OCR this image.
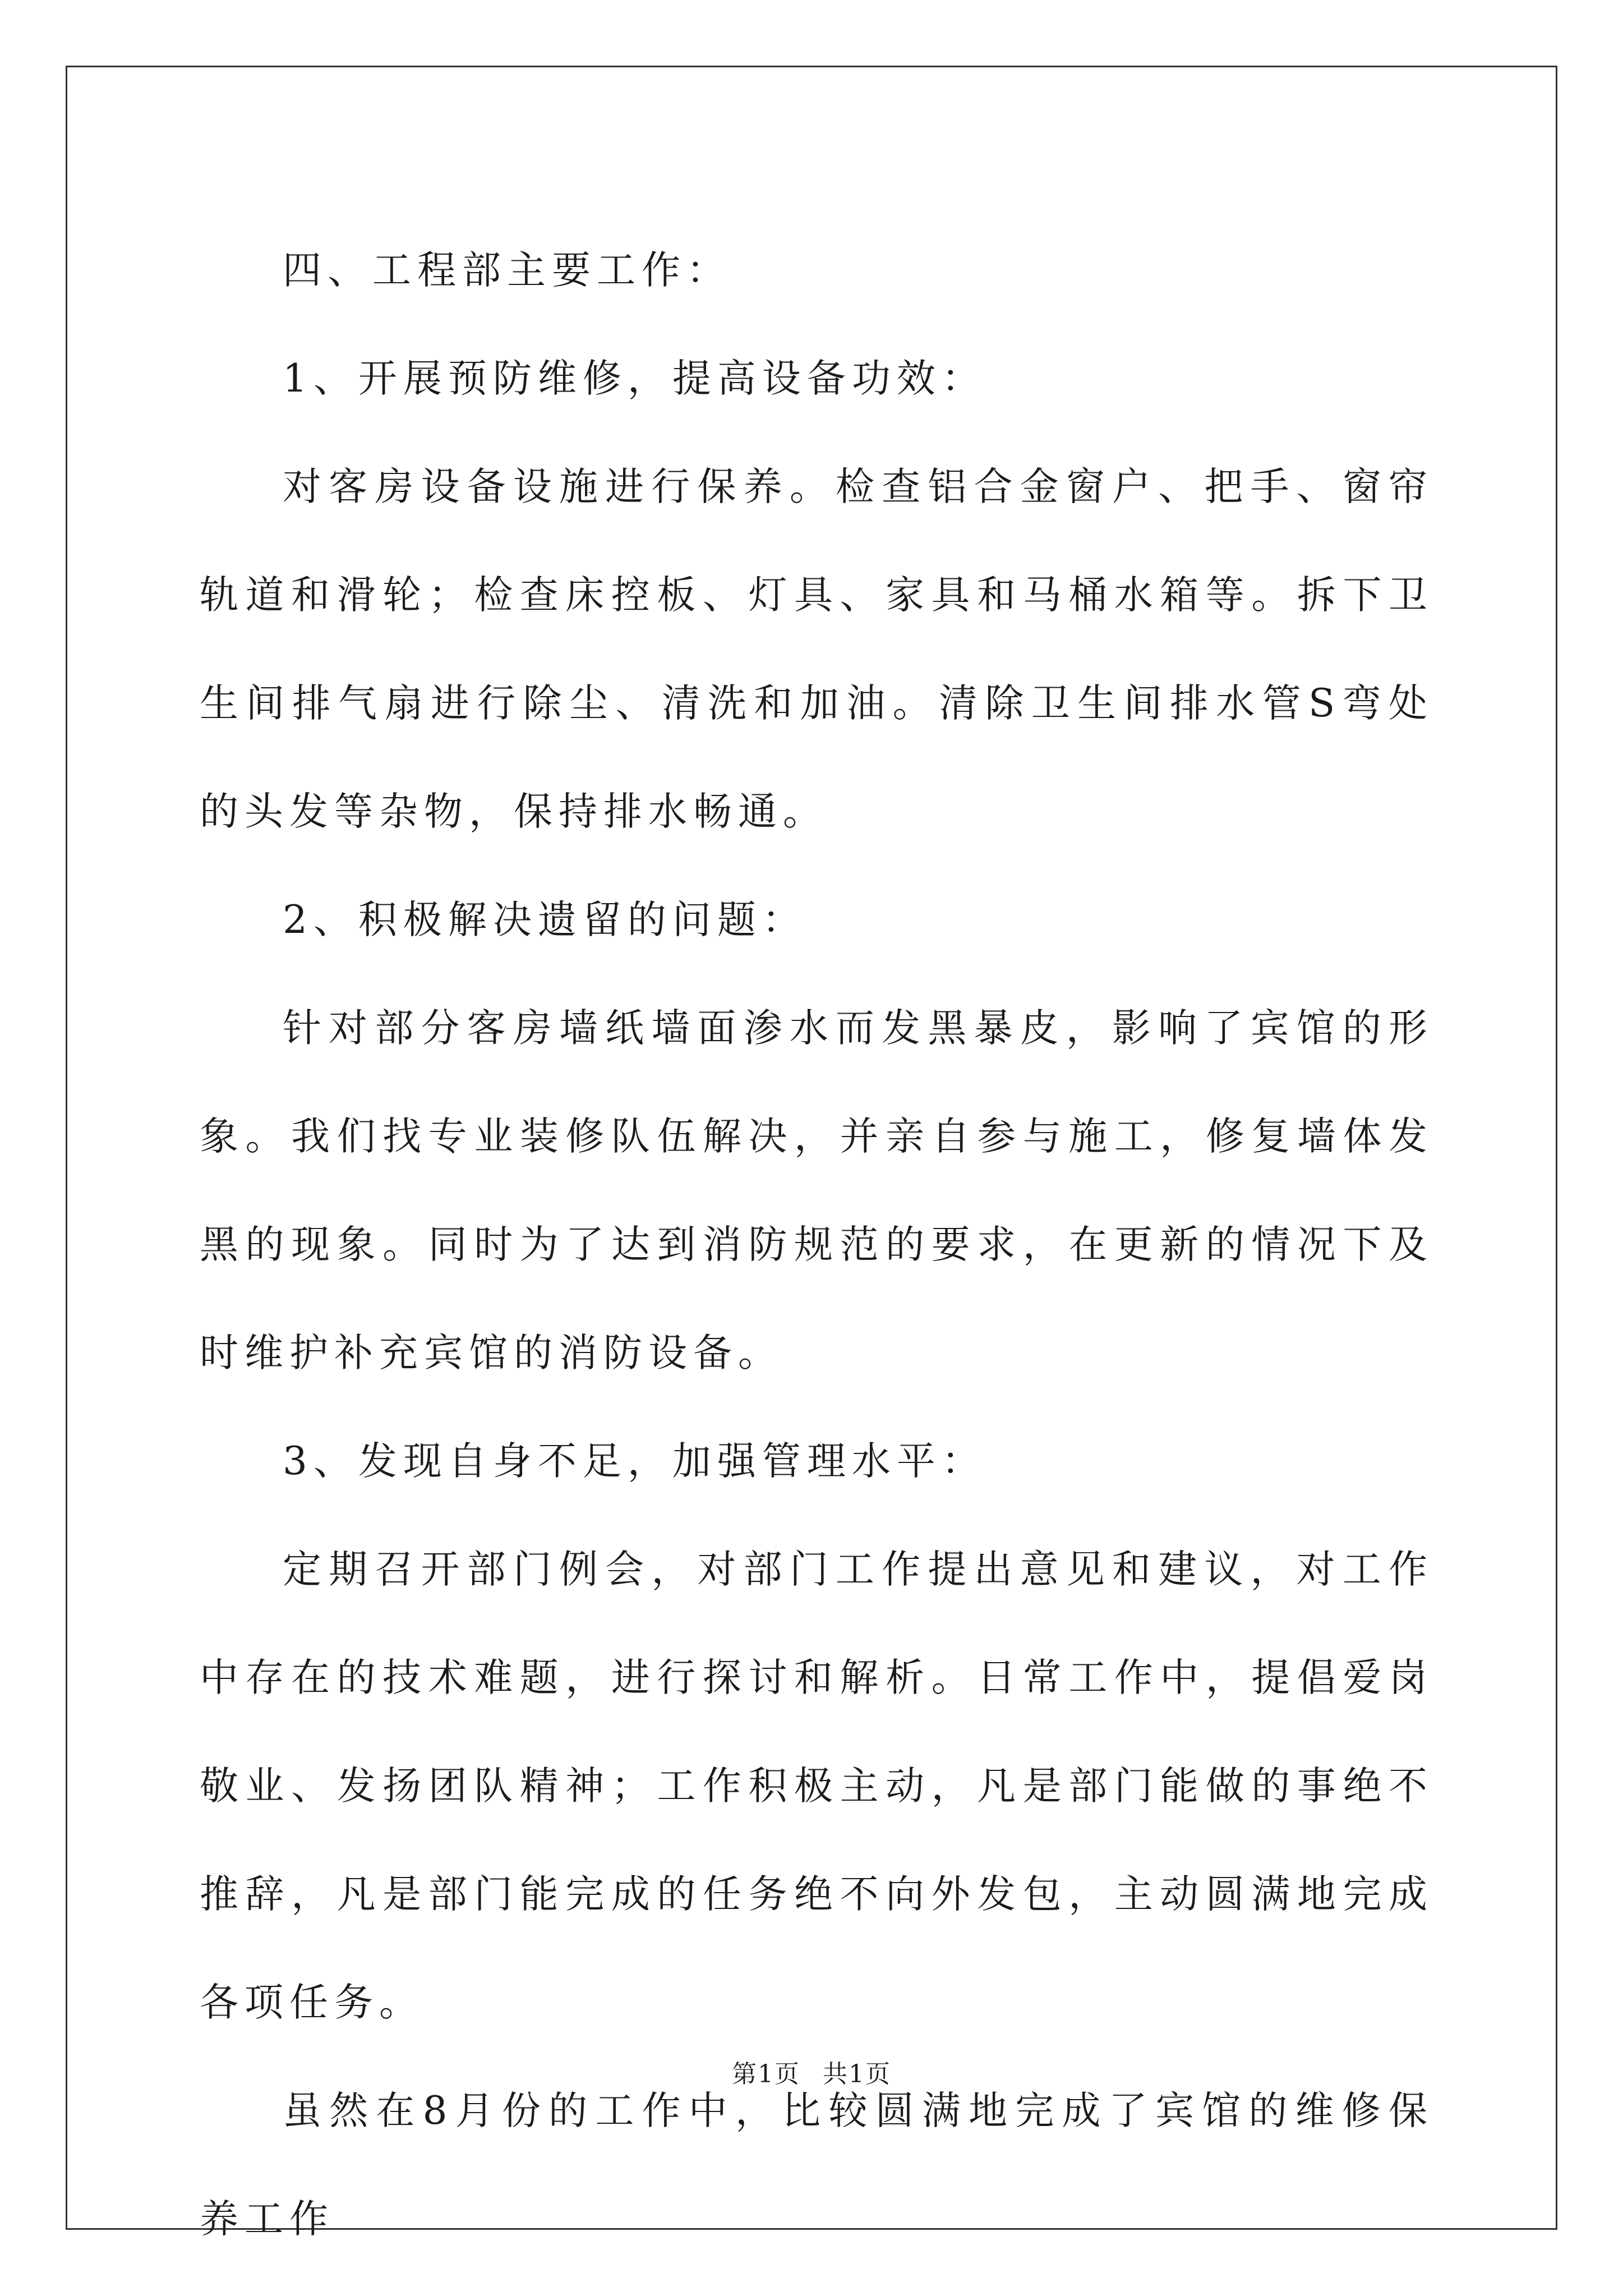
四、工程部主要工作：

1、开展预防维修，提高设备功效：

对客房设备设施进行保养。检查铝合金窗户、把手、窗帘轨道和滑轮；检查床控板、灯具、家具和马桶水箱等。拆下卫生间排气扇进行除尘、清洗和加油。清除卫生间排水管S弯处的头发等杂物，保持排水畅通。

2、积极解决遗留的问题：

针对部分客房墙纸墙面渗水而发黑暴皮，影响了宾馆的形象。我们找专业装修队伍解决，并亲自参与施工，修复墙体发黑的现象。同时为了达到消防规范的要求，在更新的情况下及时维护补充宾馆的消防设备。

3、发现自身不足，加强管理水平：

定期召开部门例会，对部门工作提出意见和建议，对工作中存在的技术难题，进行探讨和解析。日常工作中，提倡爱岗敬业、发扬团队精神；工作积极主动，凡是部门能做的事绝不推辞，凡是部门能完成的任务绝不向外发包，主动圆满地完成各项任务。

虽然在8月份的工作中，比较圆满地完成了宾馆的维修保养工作

第1页 共1页
